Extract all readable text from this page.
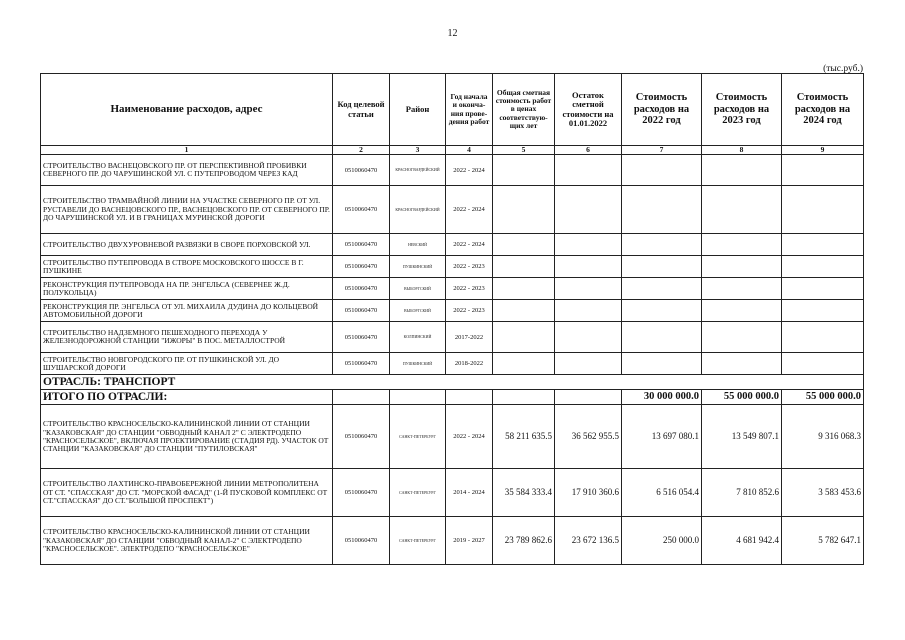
12
(тыс.руб.)
Наименование расходов, адрес	Код целевой статьи	Район	Год начала и оконча-ния прове-дения работ	Общая сметная стоимость работ в ценах соответствую-щих лет	Остаток сметной стоимости на 01.01.2022	Стоимость расходов на 2022 год	Стоимость расходов на 2023 год	Стоимость расходов на 2024 год
1	2	3	4	5	6	7	8	9
СТРОИТЕЛЬСТВО ВАСНЕЦОВСКОГО ПР. ОТ ПЕРСПЕКТИВНОЙ ПРОБИВКИ СЕВЕРНОГО ПР. ДО ЧАРУШИНСКОЙ УЛ. С ПУТЕПРОВОДОМ ЧЕРЕЗ КАД	0510060470	КРАСНОГВАРДЕЙСКИЙ	2022 - 2024					
СТРОИТЕЛЬСТВО ТРАМВАЙНОЙ ЛИНИИ НА УЧАСТКЕ СЕВЕРНОГО ПР. ОТ УЛ. РУСТАВЕЛИ ДО ВАСНЕЦОВСКОГО ПР., ВАСНЕЦОВСКОГО ПР. ОТ СЕВЕРНОГО ПР. ДО ЧАРУШИНСКОЙ УЛ. И В ГРАНИЦАХ МУРИНСКОЙ ДОРОГИ	0510060470	КРАСНОГВАРДЕЙСКИЙ	2022 - 2024					
СТРОИТЕЛЬСТВО ДВУХУРОВНЕВОЙ РАЗВЯЗКИ В СВОРЕ ПОРХОВСКОЙ УЛ.	0510060470	НЕВСКИЙ	2022 - 2024					
СТРОИТЕЛЬСТВО ПУТЕПРОВОДА В СТВОРЕ МОСКОВСКОГО ШОССЕ В Г. ПУШКИНЕ	0510060470	ПУШКИНСКИЙ	2022 - 2023					
РЕКОНСТРУКЦИЯ ПУТЕПРОВОДА НА ПР. ЭНГЕЛЬСА (СЕВЕРНЕЕ Ж.Д. ПОЛУКОЛЬЦА)	0510060470	ВЫБОРГСКИЙ	2022 - 2023					
РЕКОНСТРУКЦИЯ ПР. ЭНГЕЛЬСА ОТ УЛ. МИХАИЛА ДУДИНА ДО КОЛЬЦЕВОЙ АВТОМОБИЛЬНОЙ ДОРОГИ	0510060470	ВЫБОРГСКИЙ	2022 - 2023					
СТРОИТЕЛЬСТВО НАДЗЕМНОГО ПЕШЕХОДНОГО ПЕРЕХОДА У ЖЕЛЕЗНОДОРОЖНОЙ СТАНЦИИ "ИЖОРЫ" В ПОС. МЕТАЛЛОСТРОЙ	0510060470	КОЛПИНСКИЙ	2017-2022					
СТРОИТЕЛЬСТВО НОВГОРОДСКОГО ПР. ОТ ПУШКИНСКОЙ УЛ. ДО ШУШАРСКОЙ ДОРОГИ	0510060470	ПУШКИНСКИЙ	2018-2022					
ОТРАСЛЬ: ТРАНСПОРТ								
ИТОГО ПО ОТРАСЛИ:						30 000 000.0	55 000 000.0	55 000 000.0
СТРОИТЕЛЬСТВО КРАСНОСЕЛЬСКО-КАЛИНИНСКОЙ ЛИНИИ ОТ СТАНЦИИ "КАЗАКОВСКАЯ" ДО СТАНЦИИ "ОБВОДНЫЙ КАНАЛ 2" С ЭЛЕКТРОДЕПО "КРАСНОСЕЛЬСКОЕ", ВКЛЮЧАЯ ПРОЕКТИРОВАНИЕ (СТАДИЯ РД). УЧАСТОК ОТ СТАНЦИИ "КАЗАКОВСКАЯ" ДО СТАНЦИИ "ПУТИЛОВСКАЯ"	0510060470	САНКТ-ПЕТЕРБУРГ	2022 - 2024	58 211 635.5	36 562 955.5	13 697 080.1	13 549 807.1	9 316 068.3
СТРОИТЕЛЬСТВО ЛАХТИНСКО-ПРАВОБЕРЕЖНОЙ ЛИНИИ МЕТРОПОЛИТЕНА ОТ СТ. "СПАССКАЯ" ДО СТ. "МОРСКОЙ ФАСАД" (1-Й ПУСКОВОЙ КОМПЛЕКС ОТ СТ."СПАССКАЯ" ДО СТ."БОЛЬШОЙ ПРОСПЕКТ")	0510060470	САНКТ-ПЕТЕРБУРГ	2014 - 2024	35 584 333.4	17 910 360.6	6 516 054.4	7 810 852.6	3 583 453.6
СТРОИТЕЛЬСТВО КРАСНОСЕЛЬСКО-КАЛИНИНСКОЙ ЛИНИИ ОТ СТАНЦИИ "КАЗАКОВСКАЯ" ДО СТАНЦИИ "ОБВОДНЫЙ КАНАЛ-2" С ЭЛЕКТРОДЕПО "КРАСНОСЕЛЬСКОЕ". ЭЛЕКТРОДЕПО "КРАСНОСЕЛЬСКОЕ"	0510060470	САНКТ-ПЕТЕРБУРГ	2019 - 2027	23 789 862.6	23 672 136.5	250 000.0	4 681 942.4	5 782 647.1
